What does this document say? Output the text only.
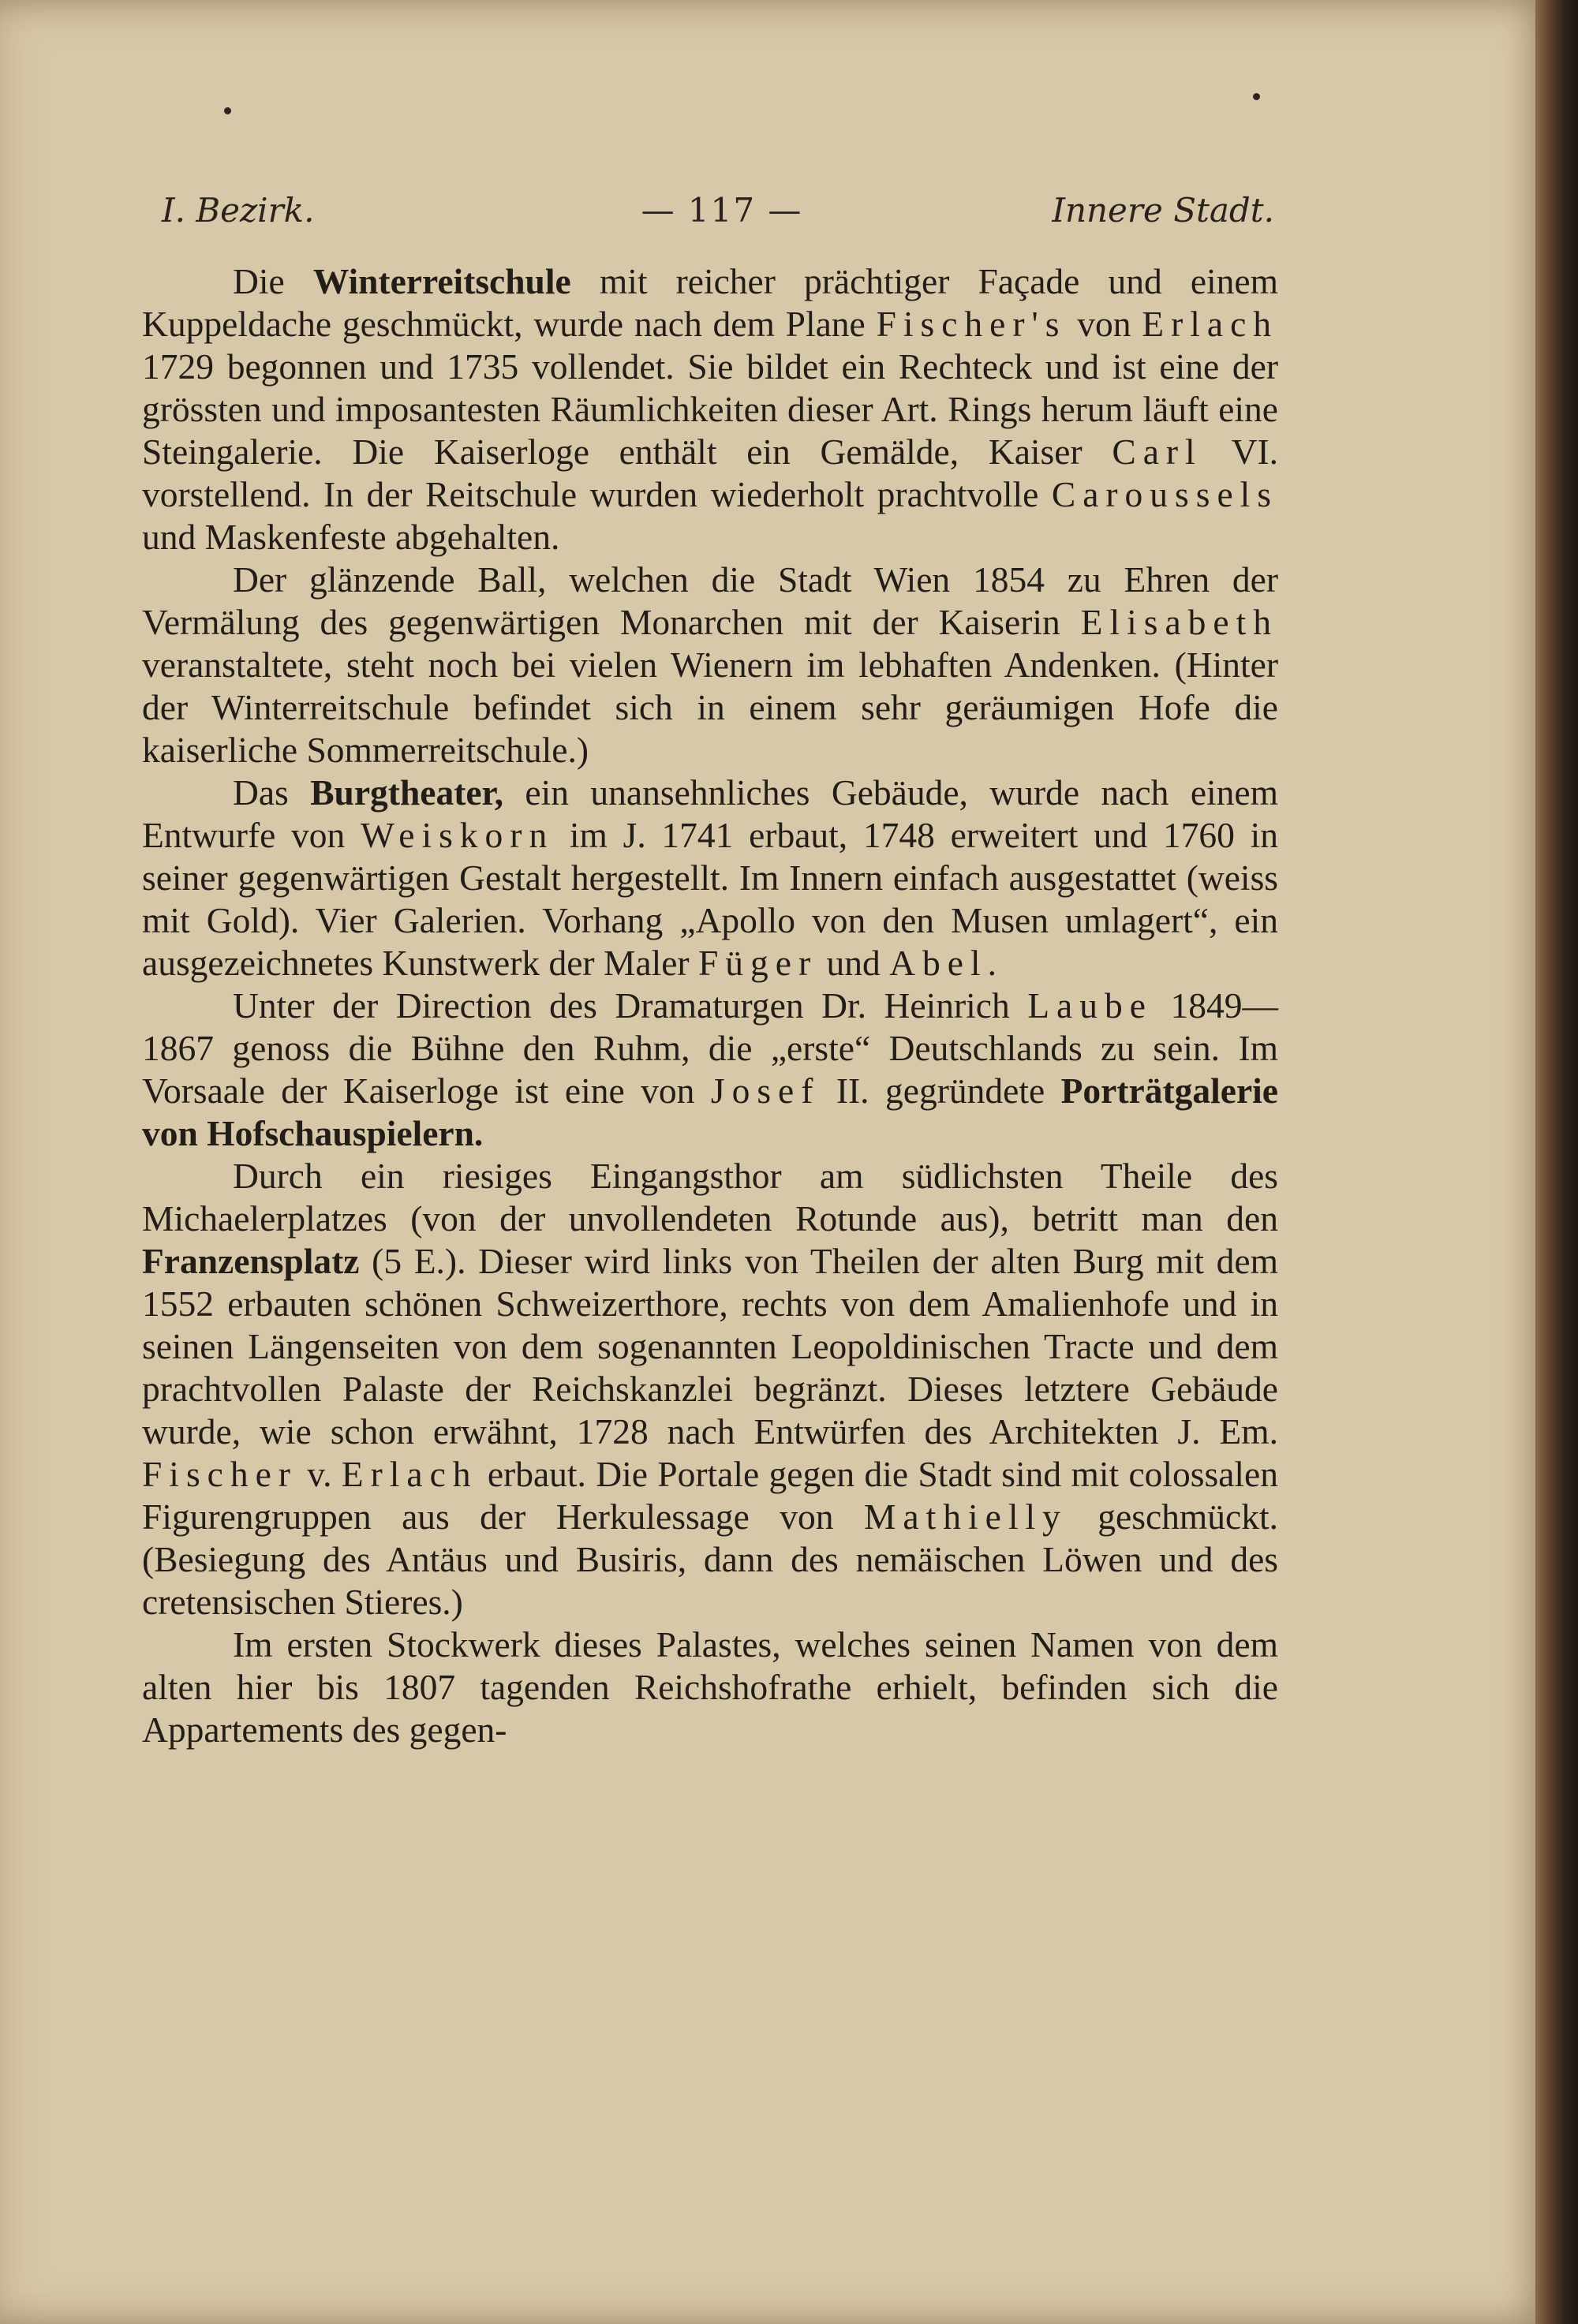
I. Bezirk.	— 117 —	Innere Stadt.

Die Winterreitschule mit reicher prächtiger Façade und einem Kuppeldache geschmückt, wurde nach dem Plane Fischer's von Erlach 1729 begonnen und 1735 vollendet. Sie bildet ein Rechteck und ist eine der grössten und imposantesten Räumlichkeiten dieser Art. Rings herum läuft eine Steingalerie. Die Kaiserloge enthält ein Gemälde, Kaiser Carl VI. vorstellend. In der Reitschule wurden wiederholt prachtvolle Caroussels und Maskenfeste abgehalten.

Der glänzende Ball, welchen die Stadt Wien 1854 zu Ehren der Vermälung des gegenwärtigen Monarchen mit der Kaiserin Elisabeth veranstaltete, steht noch bei vielen Wienern im lebhaften Andenken. (Hinter der Winterreitschule befindet sich in einem sehr geräumigen Hofe die kaiserliche Sommerreitschule.)

Das Burgtheater, ein unansehnliches Gebäude, wurde nach einem Entwurfe von Weiskorn im J. 1741 erbaut, 1748 erweitert und 1760 in seiner gegenwärtigen Gestalt hergestellt. Im Innern einfach ausgestattet (weiss mit Gold). Vier Galerien. Vorhang „Apollo von den Musen umlagert“, ein ausgezeichnetes Kunstwerk der Maler Füger und Abel.

Unter der Direction des Dramaturgen Dr. Heinrich Laube 1849—1867 genoss die Bühne den Ruhm, die „erste“ Deutschlands zu sein. Im Vorsaale der Kaiserloge ist eine von Josef II. gegründete Porträtgalerie von Hofschauspielern.

Durch ein riesiges Eingangsthor am südlichsten Theile des Michaelerplatzes (von der unvollendeten Rotunde aus), betritt man den Franzensplatz (5 E.). Dieser wird links von Theilen der alten Burg mit dem 1552 erbauten schönen Schweizerthore, rechts von dem Amalienhofe und in seinen Längenseiten von dem sogenannten Leopoldinischen Tracte und dem prachtvollen Palaste der Reichskanzlei begränzt. Dieses letztere Gebäude wurde, wie schon erwähnt, 1728 nach Entwürfen des Architekten J. Em. Fischer v. Erlach erbaut. Die Portale gegen die Stadt sind mit colossalen Figurengruppen aus der Herkulessage von Mathielly geschmückt. (Besiegung des Antäus und Busiris, dann des nemäischen Löwen und des cretensischen Stieres.)

Im ersten Stockwerk dieses Palastes, welches seinen Namen von dem alten hier bis 1807 tagenden Reichshofrathe erhielt, befinden sich die Appartements des gegen-
